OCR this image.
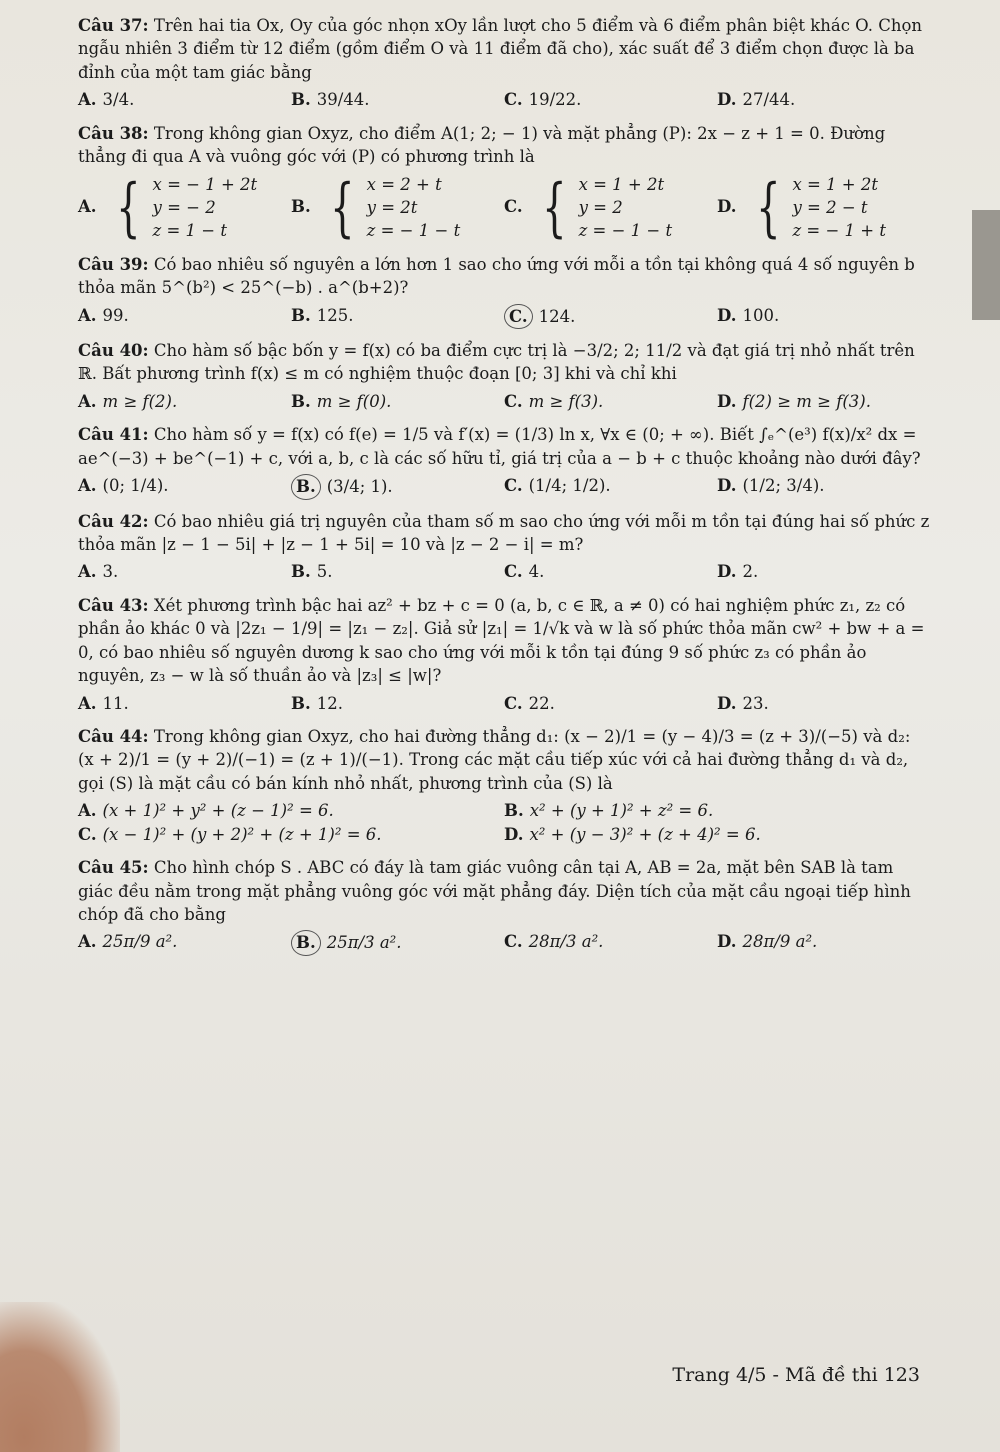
Câu 37: Trên hai tia Ox, Oy của góc nhọn xOy lần lượt cho 5 điểm và 6 điểm phân biệt khác O. Chọn ngẫu nhiên 3 điểm từ 12 điểm (gồm điểm O và 11 điểm đã cho), xác suất để 3 điểm chọn được là ba đỉnh của một tam giác bằng
A. 3/4.	B. 39/44.	C. 19/22.	D. 27/44.
Câu 38: Trong không gian Oxyz, cho điểm A(1; 2; − 1) và mặt phẳng (P): 2x − z + 1 = 0. Đường thẳng đi qua A và vuông góc với (P) có phương trình là
A. { x = − 1 + 2t
y = − 2
z = 1 − t
B. { x = 2 + t
y = 2t
z = − 1 − t
C. { x = 1 + 2t
y = 2
z = − 1 − t
D. { x = 1 + 2t
y = 2 − t
z = − 1 + t
Câu 39: Có bao nhiêu số nguyên a lớn hơn 1 sao cho ứng với mỗi a tồn tại không quá 4 số nguyên b thỏa mãn 5^(b²) < 25^(−b) . a^(b+2)?
A. 99.	B. 125.	C. 124.	D. 100.
Câu 40: Cho hàm số bậc bốn y = f(x) có ba điểm cực trị là −3/2; 2; 11/2 và đạt giá trị nhỏ nhất trên ℝ. Bất phương trình f(x) ≤ m có nghiệm thuộc đoạn [0; 3] khi và chỉ khi
A. m ≥ f(2).	B. m ≥ f(0).	C. m ≥ f(3).	D. f(2) ≥ m ≥ f(3).
Câu 41: Cho hàm số y = f(x) có f(e) = 1/5 và f′(x) = (1/3) ln x, ∀x ∈ (0; + ∞). Biết ∫ₑ^(e³) f(x)/x² dx = ae^(−3) + be^(−1) + c, với a, b, c là các số hữu tỉ, giá trị của a − b + c thuộc khoảng nào dưới đây?
A. (0; 1/4).	B. (3/4; 1).	C. (1/4; 1/2).	D. (1/2; 3/4).
Câu 42: Có bao nhiêu giá trị nguyên của tham số m sao cho ứng với mỗi m tồn tại đúng hai số phức z thỏa mãn |z − 1 − 5i| + |z − 1 + 5i| = 10 và |z − 2 − i| = m?
A. 3.	B. 5.	C. 4.	D. 2.
Câu 43: Xét phương trình bậc hai az² + bz + c = 0 (a, b, c ∈ ℝ, a ≠ 0) có hai nghiệm phức z₁, z₂ có phần ảo khác 0 và |2z₁ − 1/9| = |z₁ − z₂|. Giả sử |z₁| = 1/√k và w là số phức thỏa mãn cw² + bw + a = 0, có bao nhiêu số nguyên dương k sao cho ứng với mỗi k tồn tại đúng 9 số phức z₃ có phần ảo nguyên, z₃ − w là số thuần ảo và |z₃| ≤ |w|?
A. 11.	B. 12.	C. 22.	D. 23.
Câu 44: Trong không gian Oxyz, cho hai đường thẳng d₁: (x − 2)/1 = (y − 4)/3 = (z + 3)/(−5) và d₂: (x + 2)/1 = (y + 2)/(−1) = (z + 1)/(−1). Trong các mặt cầu tiếp xúc với cả hai đường thẳng d₁ và d₂, gọi (S) là mặt cầu có bán kính nhỏ nhất, phương trình của (S) là
A. (x + 1)² + y² + (z − 1)² = 6.	B. x² + (y + 1)² + z² = 6.
C. (x − 1)² + (y + 2)² + (z + 1)² = 6.	D. x² + (y − 3)² + (z + 4)² = 6.
Câu 45: Cho hình chóp S . ABC có đáy là tam giác vuông cân tại A, AB = 2a, mặt bên SAB là tam giác đều nằm trong mặt phẳng vuông góc với mặt phẳng đáy. Diện tích của mặt cầu ngoại tiếp hình chóp đã cho bằng
A. 25π/9 a².	B. 25π/3 a².	C. 28π/3 a².	D. 28π/9 a².
Trang 4/5 - Mã đề thi 123
